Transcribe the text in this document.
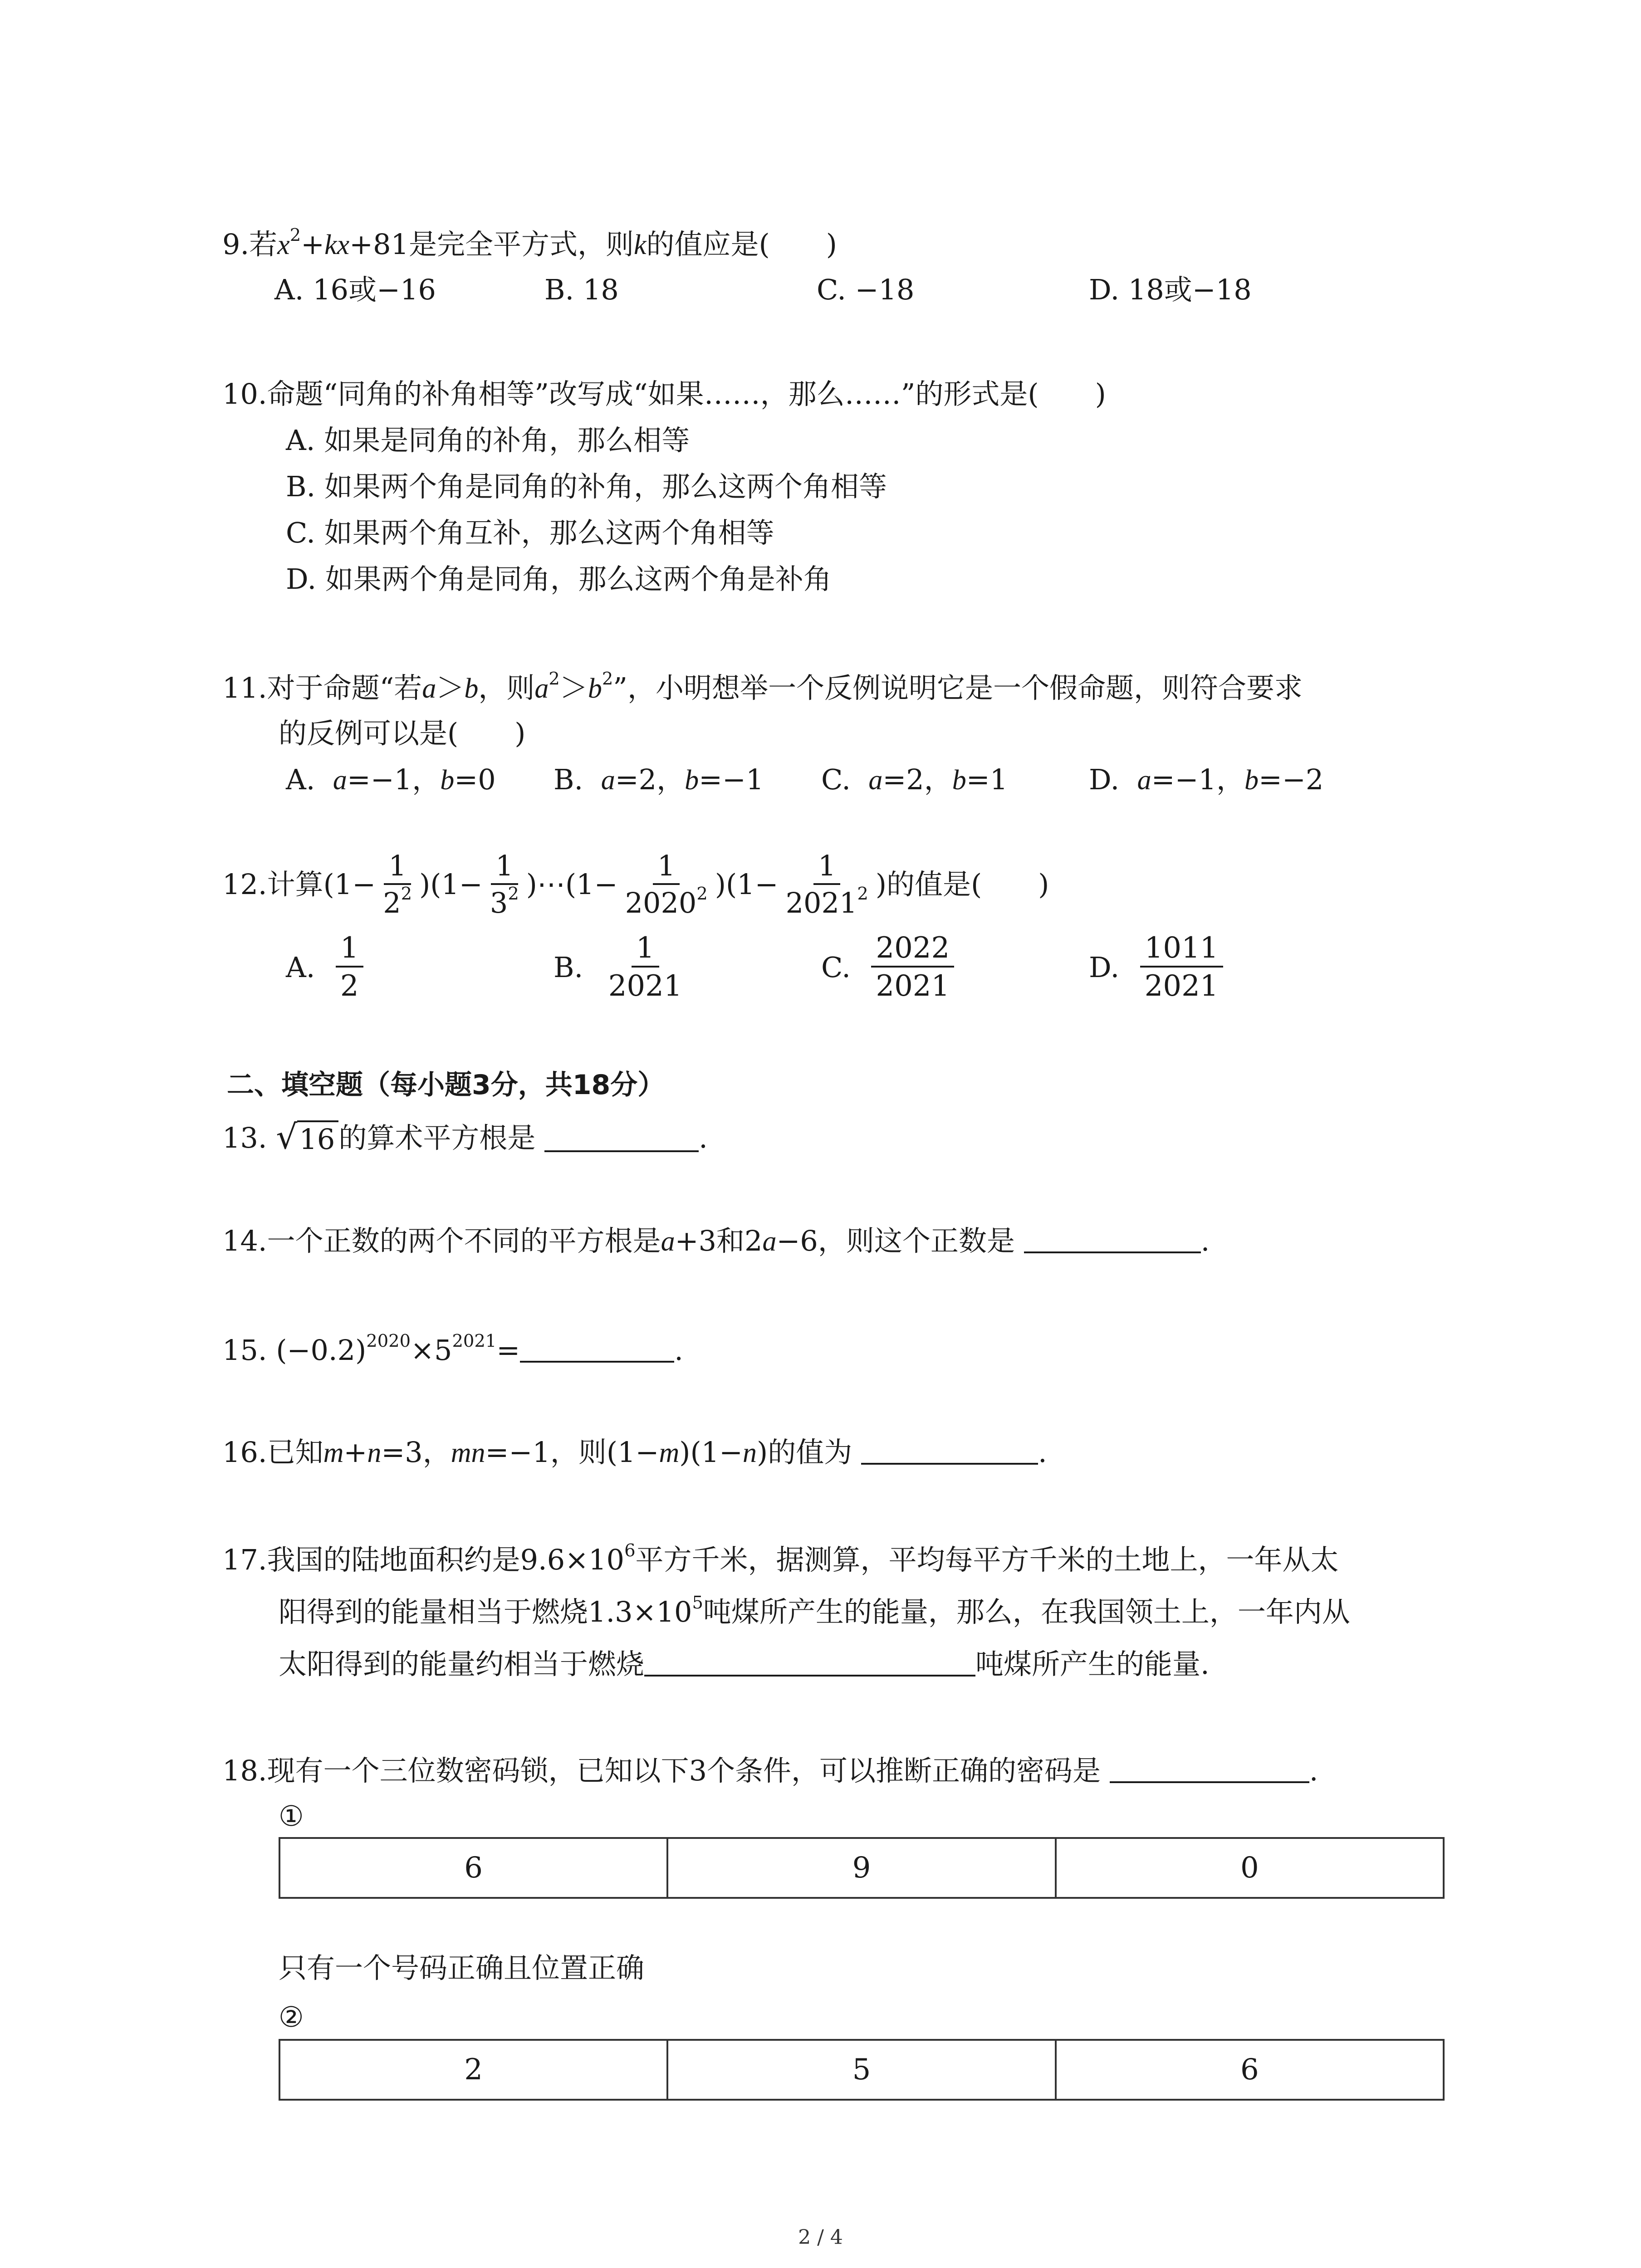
9.若$x^2+kx+81$是完全平方式，则k的值应是(　　)
A. 16或−16	B. 18	C. −18	D. 18或−18
10.命题“同角的补角相等”改写成“如果……，那么……”的形式是(　　)
A. 如果是同角的补角，那么相等
B. 如果两个角是同角的补角，那么这两个角相等
C. 如果两个角互补，那么这两个角相等
D. 如果两个角是同角，那么这两个角是补角
11.对于命题“若a＞b，则$a^2>b^2$”，小明想举一个反例说明它是一个假命题，则符合要求
的反例可以是(　　)
A. a=−1，b=0 B. a=2，b=−1 C. a=2，b=1	D. a=−1，b=−2
12. 计算$(1- \frac{1}{2^2} )(1- \frac{1}{3^2}$ )⋯(1− $\frac{1}{2020^2} )(1- \frac{1}{2021^2}$ )的值是(　　)
A.
$\frac{1}{2}$	B.
$\frac{1}{2021}$	C.
$\frac{2022}{2021}$	D.
$\frac{1011}{2021}$
二、填空题（每小题3分，共18分）
13.
√ 16 的算术平方根是
	.
14.一个正数的两个不同的平方根是a+3和2a−6，则这个正数是	.
15. $(-0.2)^{2020}\times 5^{2021}=$	.
16.已知m+n=3，mn=−1，则(1−m)(1−n)的值为	.
17.我国的陆地面积约是$9.6\times 10^6$平方千米，据测算，平均每平方千米的土地上，一年从太
阳得到的能量相当于燃烧$1.3\times 10^5$吨煤所产生的能量，那么，在我国领土上，一年内从
太阳得到的能量约相当于燃烧	吨煤所产生的能量.
18.现有一个三位数密码锁，已知以下3个条件，可以推断正确的密码是	.
①
6	9	0
只有一个号码正确且位置正确
②
2	5	6
2 / 4
